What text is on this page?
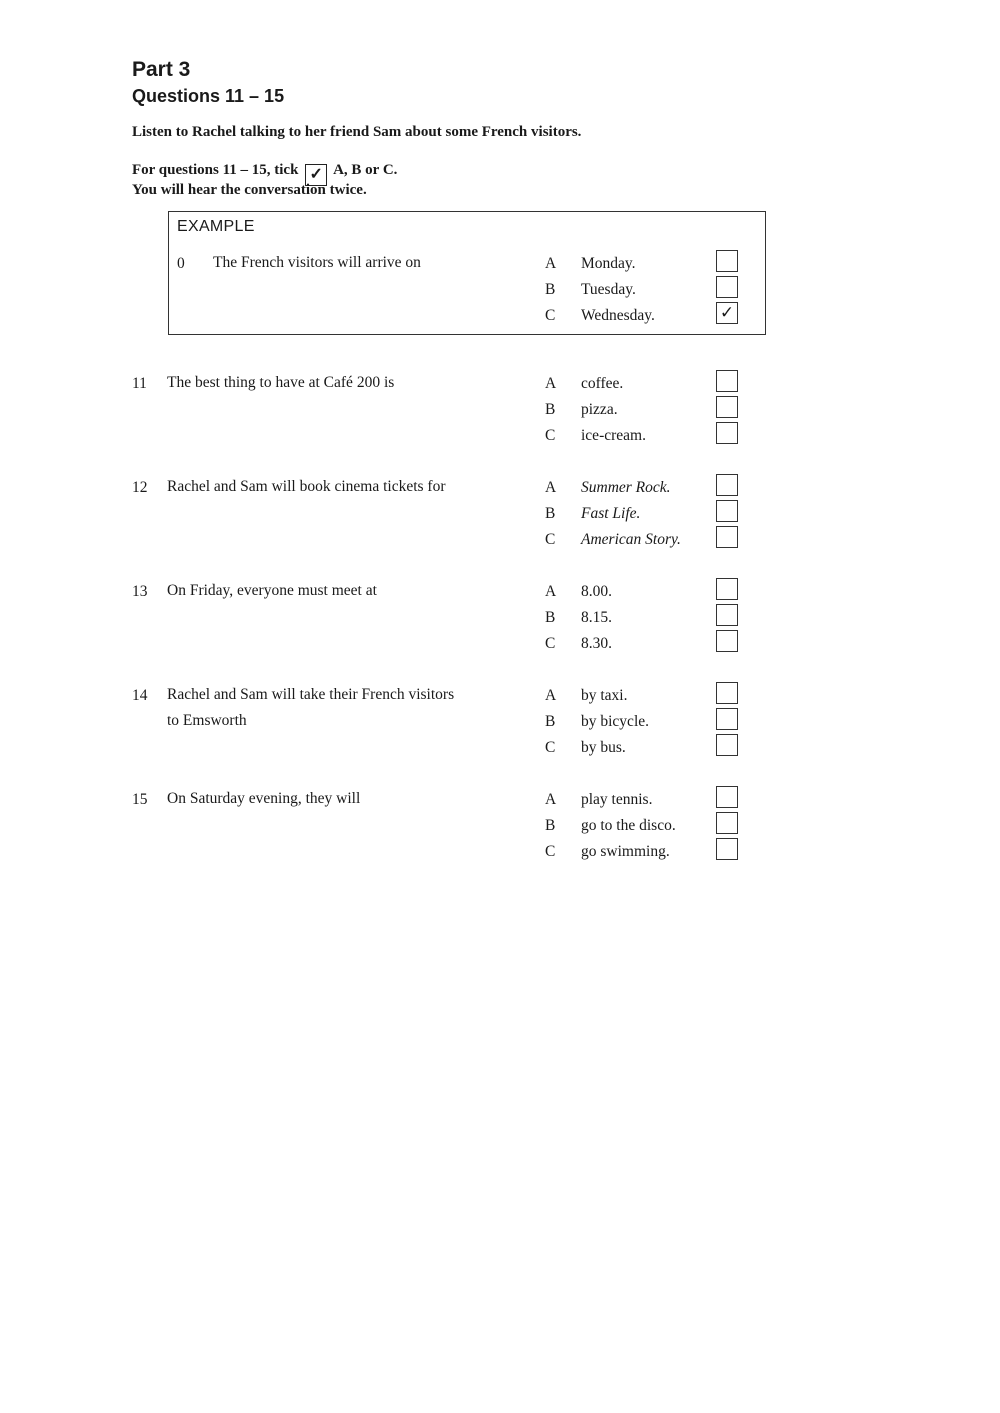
Part 3
Questions 11 – 15
Listen to Rachel talking to her friend Sam about some French visitors.
For questions 11 – 15, tick ✓ A, B or C.
You will hear the conversation twice.
EXAMPLE
0 The French visitors will arrive on	A Monday.
B Tuesday.
C Wednesday.	✓
11 The best thing to have at Café 200 is	A coffee.
B pizza.
C ice-cream.
12 Rachel and Sam will book cinema tickets for	A Summer Rock.
B Fast Life.
C American Story.
13 On Friday, everyone must meet at	A 8.00.
B 8.15.
C 8.30.
14 Rachel and Sam will take their French visitors to Emsworth
A by taxi.
B by bicycle.
C by bus.
15 On Saturday evening, they will	A play tennis.
B go to the disco.
C go swimming.
